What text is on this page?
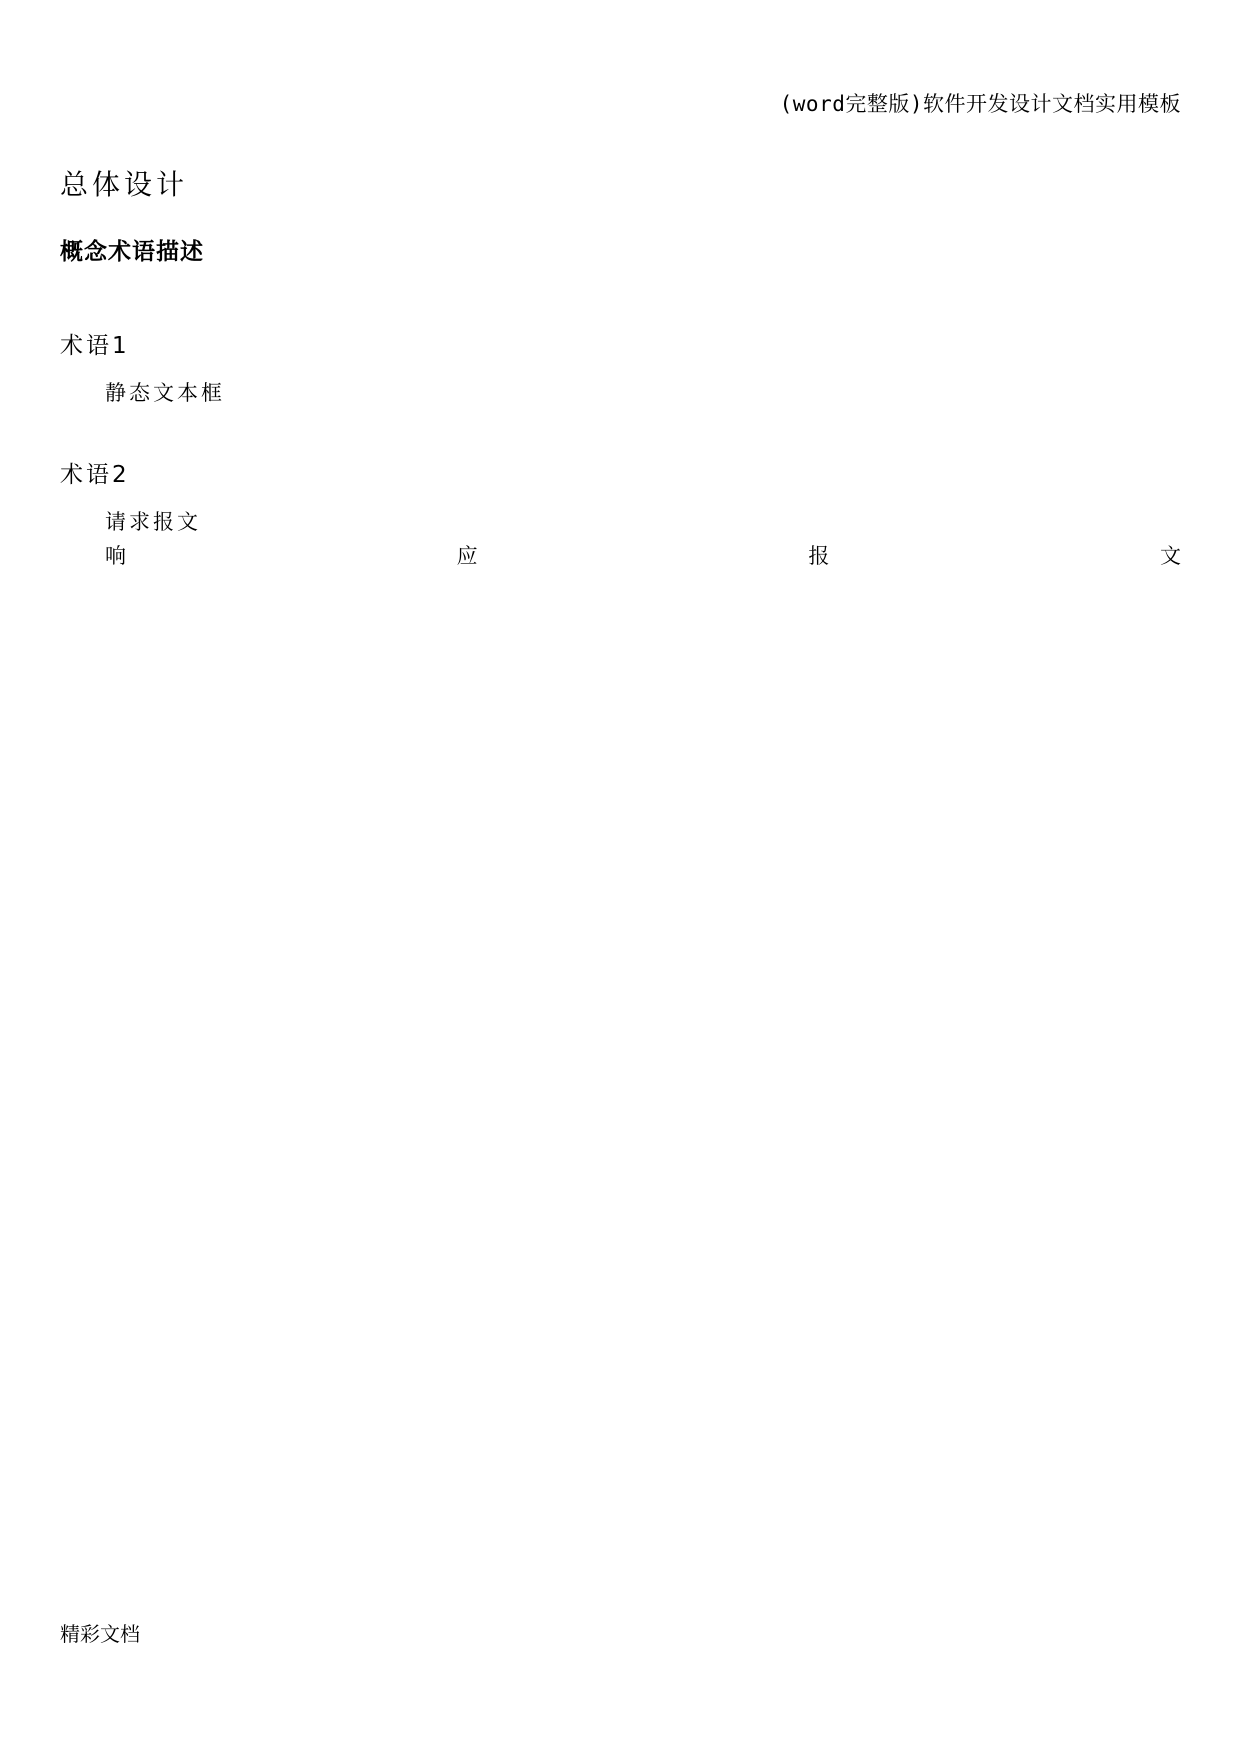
(word完整版)软件开发设计文档实用模板
总体设计
概念术语描述
术语1
静态文本框
术语2
请求报文
响	应	报	文
精彩文档
